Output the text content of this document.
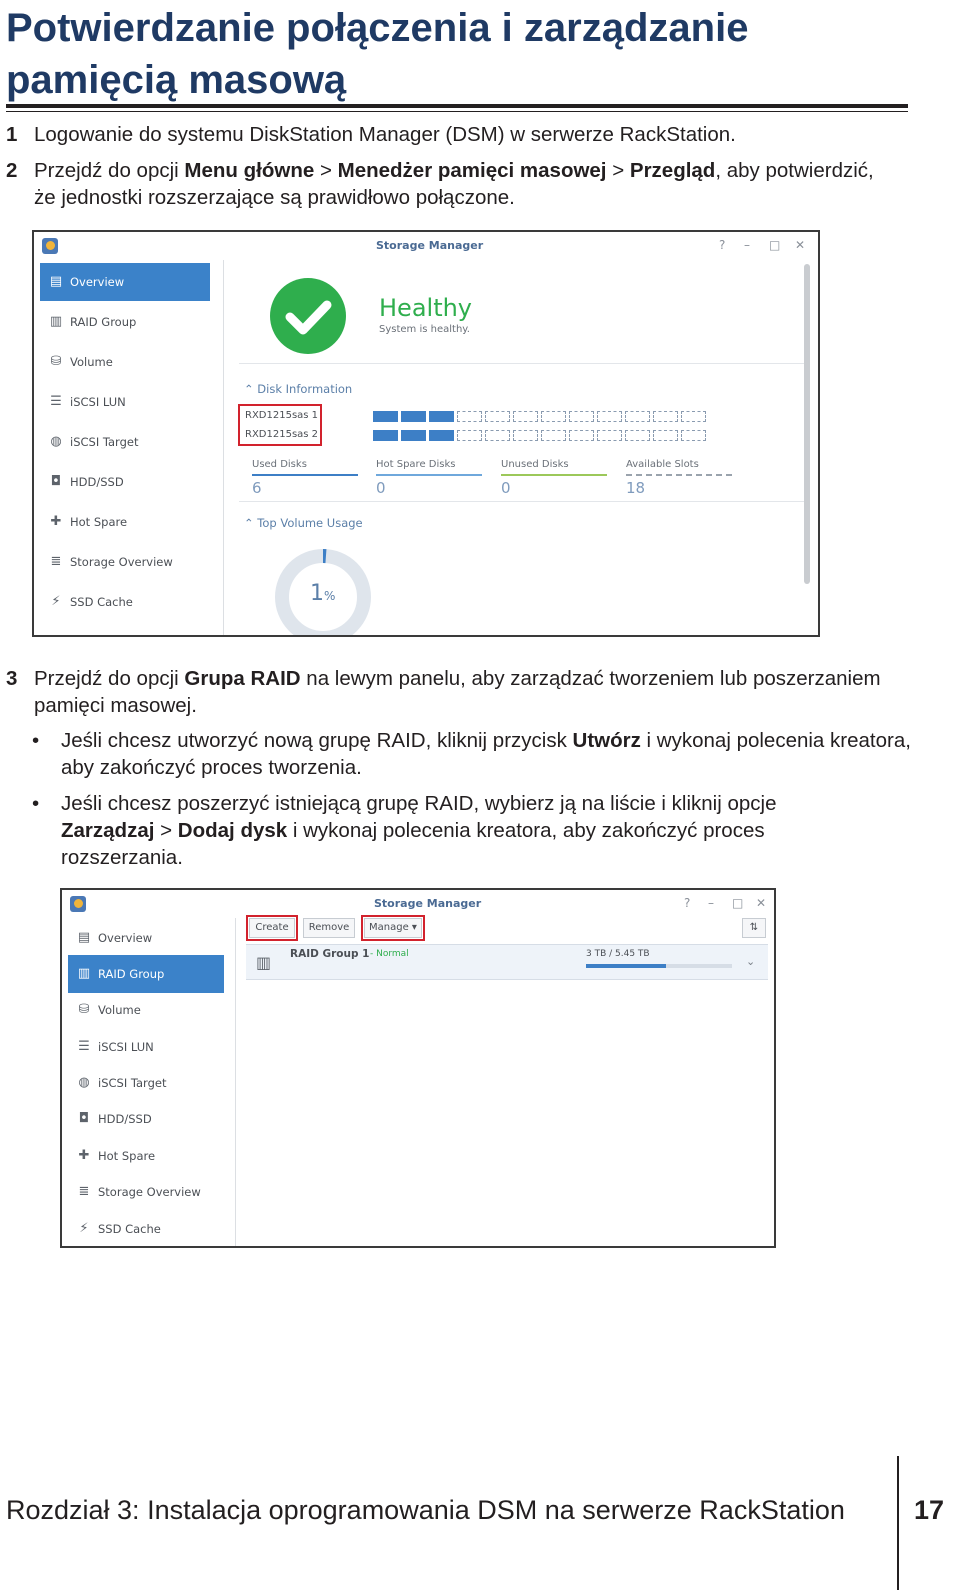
Potwierdzanie połączenia i zarządzanie
pamięcią masową
1 Logowanie do systemu DiskStation Manager (DSM) w serwerze RackStation.
2 Przejdź do opcji Menu główne > Menedżer pamięci masowej > Przegląd, aby potwierdzić, że jednostki rozszerzające są prawidłowo połączone.
Storage Manager	? – □ ✕
▤ Overview
▥ RAID Group
⛁ Volume
☰ iSCSI LUN
◍ iSCSI Target
◘ HDD/SSD
✚ Hot Spare
≣ Storage Overview
⚡ SSD Cache
Healthy
System is healthy.
⌃ Disk Information
RXD1215sas 1
RXD1215sas 2
Used Disks
6
Hot Spare Disks
0
Unused Disks
0
Available Slots
18
⌃ Top Volume Usage
1%
3 Przejdź do opcji Grupa RAID na lewym panelu, aby zarządzać tworzeniem lub poszerzaniem pamięci masowej.
•	Jeśli chcesz utworzyć nową grupę RAID, kliknij przycisk Utwórz i wykonaj polecenia kreatora, aby zakończyć proces tworzenia.
•	Jeśli chcesz poszerzyć istniejącą grupę RAID, wybierz ją na liście i kliknij opcje Zarządzaj > Dodaj dysk i wykonaj polecenia kreatora, aby zakończyć proces rozszerzania.
Storage Manager	? – □ ✕
▤ Overview
▥ RAID Group
⛁ Volume
☰ iSCSI LUN
◍ iSCSI Target
◘ HDD/SSD
✚ Hot Spare
≣ Storage Overview
⚡ SSD Cache
Create	Remove	Manage ▾	⇅
▥ RAID Group 1 - Normal	3 TB / 5.45 TB
⌄
Rozdział 3: Instalacja oprogramowania DSM na serwerze RackStation	17
